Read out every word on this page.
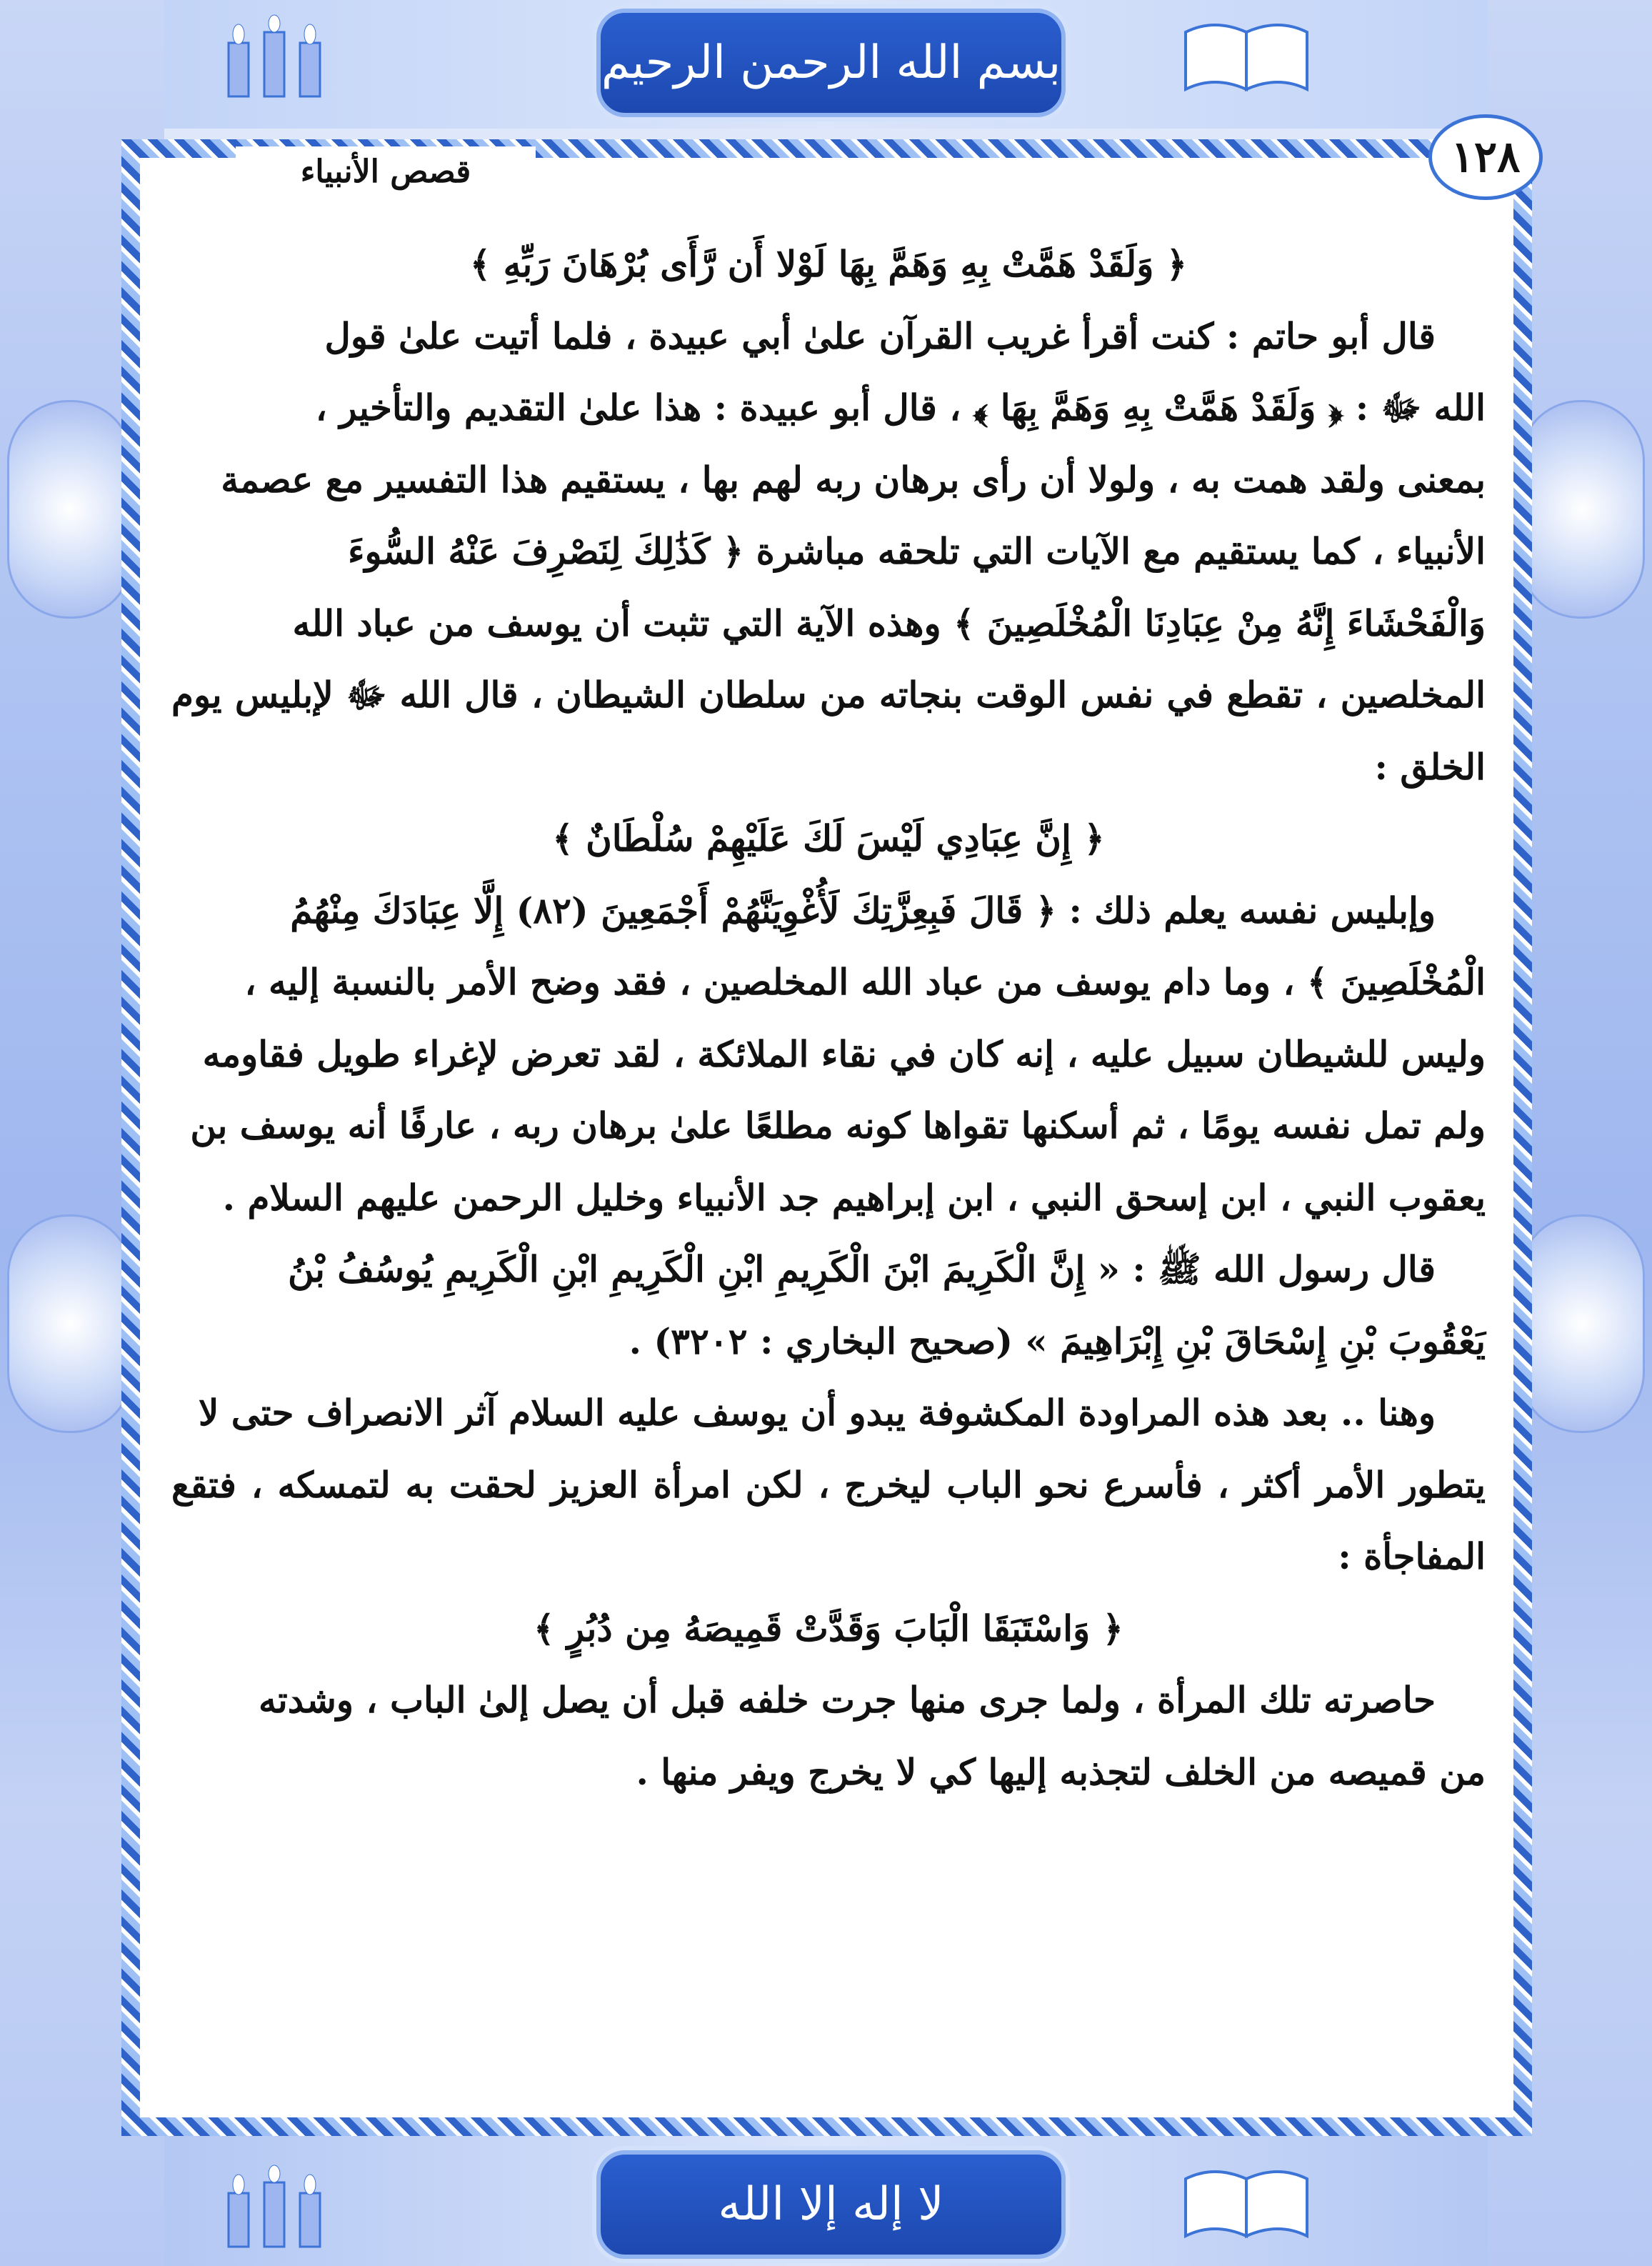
بسم الله الرحمن الرحيم
١٢٨
قصص الأنبياء

﴿ وَلَقَدْ هَمَّتْ بِهِ وَهَمَّ بِهَا لَوْلا أَن رَّأَى بُرْهَانَ رَبِّهِ ﴾

قال أبو حاتم : كنت أقرأ غريب القرآن علىٰ أبي عبيدة ، فلما أتيت علىٰ قول

الله ﷻ : ﴿ وَلَقَدْ هَمَّتْ بِهِ وَهَمَّ بِهَا ﴾ ، قال أبو عبيدة : هذا علىٰ التقديم والتأخير ،

بمعنى ولقد همت به ، ولولا أن رأى برهان ربه لهم بها ، يستقيم هذا التفسير مع عصمة

الأنبياء ، كما يستقيم مع الآيات التي تلحقه مباشرة ﴿ كَذَٰلِكَ لِنَصْرِفَ عَنْهُ السُّوءَ

وَالْفَحْشَاءَ إِنَّهُ مِنْ عِبَادِنَا الْمُخْلَصِينَ ﴾ وهذه الآية التي تثبت أن يوسف من عباد الله

المخلصين ، تقطع في نفس الوقت بنجاته من سلطان الشيطان ، قال الله ﷻ لإبليس يوم الخلق :

﴿ إِنَّ عِبَادِي لَيْسَ لَكَ عَلَيْهِمْ سُلْطَانٌ ﴾

وإبليس نفسه يعلم ذلك : ﴿ قَالَ فَبِعِزَّتِكَ لَأُغْوِيَنَّهُمْ أَجْمَعِينَ (٨٢) إِلَّا عِبَادَكَ مِنْهُمُ

الْمُخْلَصِينَ ﴾ ، وما دام يوسف من عباد الله المخلصين ، فقد وضح الأمر بالنسبة إليه ،

وليس للشيطان سبيل عليه ، إنه كان في نقاء الملائكة ، لقد تعرض لإغراء طويل فقاومه

ولم تمل نفسه يومًا ، ثم أسكنها تقواها كونه مطلعًا علىٰ برهان ربه ، عارفًا أنه يوسف بن

يعقوب النبي ، ابن إسحق النبي ، ابن إبراهيم جد الأنبياء وخليل الرحمن عليهم السلام .

قال رسول الله ﷺ : « إِنَّ الْكَرِيمَ ابْنَ الْكَرِيمِ ابْنِ الْكَرِيمِ ابْنِ الْكَرِيمِ يُوسُفُ بْنُ

يَعْقُوبَ بْنِ إِسْحَاقَ بْنِ إِبْرَاهِيمَ » (صحيح البخاري : ٣٢٠٢) .

وهنا .. بعد هذه المراودة المكشوفة يبدو أن يوسف عليه السلام آثر الانصراف حتى لا

يتطور الأمر أكثر ، فأسرع نحو الباب ليخرج ، لكن امرأة العزيز لحقت به لتمسكه ، فتقع المفاجأة :

﴿ وَاسْتَبَقَا الْبَابَ وَقَدَّتْ قَمِيصَهُ مِن دُبُرٍ ﴾

حاصرته تلك المرأة ، ولما جرى منها جرت خلفه قبل أن يصل إلىٰ الباب ، وشدته

من قميصه من الخلف لتجذبه إليها كي لا يخرج ويفر منها .

لا إله إلا الله
